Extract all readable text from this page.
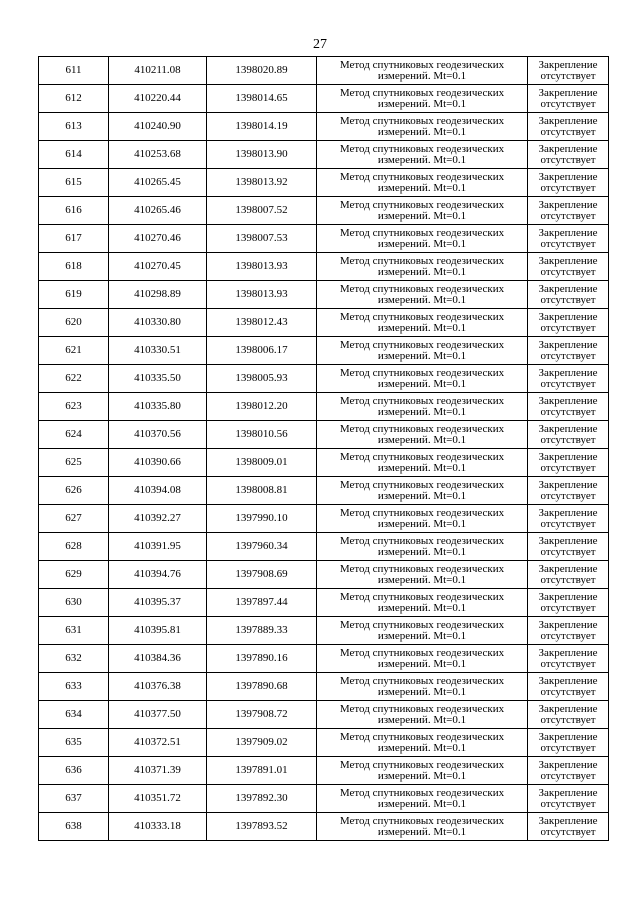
27
611	410211.08	1398020.89	Метод спутниковых геодезических
измерений. Mt=0.1	Закрепление
отсутствует

612	410220.44	1398014.65	Метод спутниковых геодезических
измерений. Mt=0.1	Закрепление
отсутствует

613	410240.90	1398014.19	Метод спутниковых геодезических
измерений. Mt=0.1	Закрепление
отсутствует

614	410253.68	1398013.90	Метод спутниковых геодезических
измерений. Mt=0.1	Закрепление
отсутствует

615	410265.45	1398013.92	Метод спутниковых геодезических
измерений. Mt=0.1	Закрепление
отсутствует

616	410265.46	1398007.52	Метод спутниковых геодезических
измерений. Mt=0.1	Закрепление
отсутствует

617	410270.46	1398007.53	Метод спутниковых геодезических
измерений. Mt=0.1	Закрепление
отсутствует

618	410270.45	1398013.93	Метод спутниковых геодезических
измерений. Mt=0.1	Закрепление
отсутствует

619	410298.89	1398013.93	Метод спутниковых геодезических
измерений. Mt=0.1	Закрепление
отсутствует

620	410330.80	1398012.43	Метод спутниковых геодезических
измерений. Mt=0.1	Закрепление
отсутствует

621	410330.51	1398006.17	Метод спутниковых геодезических
измерений. Mt=0.1	Закрепление
отсутствует

622	410335.50	1398005.93	Метод спутниковых геодезических
измерений. Mt=0.1	Закрепление
отсутствует

623	410335.80	1398012.20	Метод спутниковых геодезических
измерений. Mt=0.1	Закрепление
отсутствует

624	410370.56	1398010.56	Метод спутниковых геодезических
измерений. Mt=0.1	Закрепление
отсутствует

625	410390.66	1398009.01	Метод спутниковых геодезических
измерений. Mt=0.1	Закрепление
отсутствует

626	410394.08	1398008.81	Метод спутниковых геодезических
измерений. Mt=0.1	Закрепление
отсутствует

627	410392.27	1397990.10	Метод спутниковых геодезических
измерений. Mt=0.1	Закрепление
отсутствует

628	410391.95	1397960.34	Метод спутниковых геодезических
измерений. Mt=0.1	Закрепление
отсутствует

629	410394.76	1397908.69	Метод спутниковых геодезических
измерений. Mt=0.1	Закрепление
отсутствует

630	410395.37	1397897.44	Метод спутниковых геодезических
измерений. Mt=0.1	Закрепление
отсутствует

631	410395.81	1397889.33	Метод спутниковых геодезических
измерений. Mt=0.1	Закрепление
отсутствует

632	410384.36	1397890.16	Метод спутниковых геодезических
измерений. Mt=0.1	Закрепление
отсутствует

633	410376.38	1397890.68	Метод спутниковых геодезических
измерений. Mt=0.1	Закрепление
отсутствует

634	410377.50	1397908.72	Метод спутниковых геодезических
измерений. Mt=0.1	Закрепление
отсутствует

635	410372.51	1397909.02	Метод спутниковых геодезических
измерений. Mt=0.1	Закрепление
отсутствует

636	410371.39	1397891.01	Метод спутниковых геодезических
измерений. Mt=0.1	Закрепление
отсутствует

637	410351.72	1397892.30	Метод спутниковых геодезических
измерений. Mt=0.1	Закрепление
отсутствует

638	410333.18	1397893.52	Метод спутниковых геодезических
измерений. Mt=0.1	Закрепление
отсутствует
